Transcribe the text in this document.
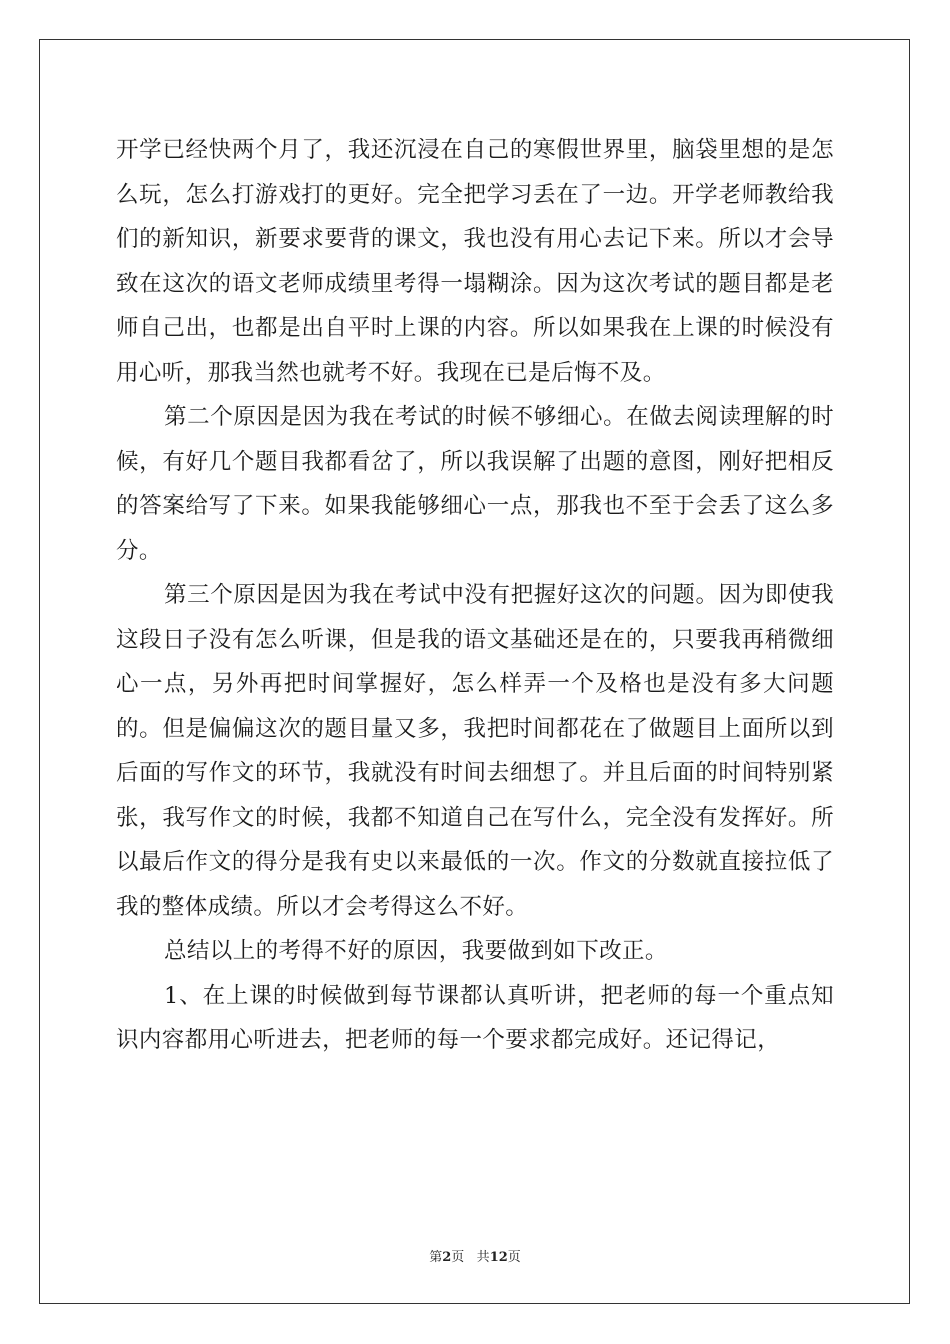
开学已经快两个月了，我还沉浸在自己的寒假世界里，脑袋里想的是怎么玩，怎么打游戏打的更好。完全把学习丢在了一边。开学老师教给我们的新知识，新要求要背的课文，我也没有用心去记下来。所以才会导致在这次的语文老师成绩里考得一塌糊涂。因为这次考试的题目都是老师自己出，也都是出自平时上课的内容。所以如果我在上课的时候没有用心听，那我当然也就考不好。我现在已是后悔不及。

第二个原因是因为我在考试的时候不够细心。在做去阅读理解的时候，有好几个题目我都看岔了，所以我误解了出题的意图，刚好把相反的答案给写了下来。如果我能够细心一点，那我也不至于会丢了这么多分。

第三个原因是因为我在考试中没有把握好这次的问题。因为即使我这段日子没有怎么听课，但是我的语文基础还是在的，只要我再稍微细心一点，另外再把时间掌握好，怎么样弄一个及格也是没有多大问题的。但是偏偏这次的题目量又多，我把时间都花在了做题目上面所以到后面的写作文的环节，我就没有时间去细想了。并且后面的时间特别紧张，我写作文的时候，我都不知道自己在写什么，完全没有发挥好。所以最后作文的得分是我有史以来最低的一次。作文的分数就直接拉低了我的整体成绩。所以才会考得这么不好。

总结以上的考得不好的原因，我要做到如下改正。

1、在上课的时候做到每节课都认真听讲，把老师的每一个重点知识内容都用心听进去，把老师的每一个要求都完成好。还记得记，

第2页 共12页
